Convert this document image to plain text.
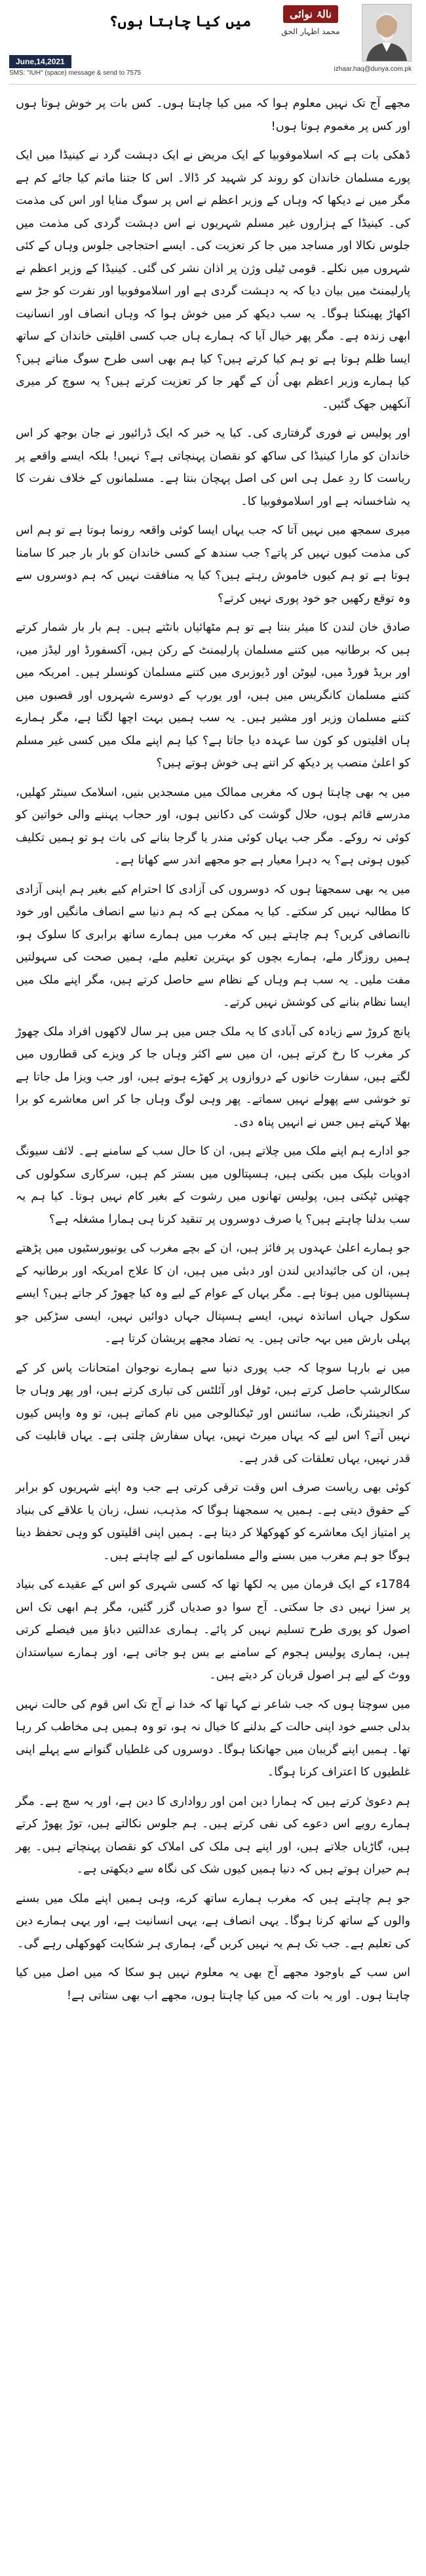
نالۂ نوائی
محمد اظہار الحق
میں کیا چاہتا ہوں؟
izhaar.haq@dunya.com.pk
June,14,2021
SMS: "IUH" (space) message & send to 7575

مجھے آج تک نہیں معلوم ہوا کہ میں کیا چاہتا ہوں۔ کس بات پر خوش ہوتا ہوں اور کس پر مغموم ہوتا ہوں!

ڈھکی بات ہے کہ اسلاموفوبیا کے ایک مریض نے ایک دہشت گرد نے کینیڈا میں ایک پورے مسلمان خاندان کو روند کر شہید کر ڈالا۔ اس کا جتنا ماتم کیا جائے کم ہے مگر میں نے دیکھا کہ وہاں کے وزیر اعظم نے اس پر سوگ منایا اور اس کی مذمت کی۔ کینیڈا کے ہزاروں غیر مسلم شہریوں نے اس دہشت گردی کی مذمت میں جلوس نکالا اور مساجد میں جا کر تعزیت کی۔ ایسے احتجاجی جلوس وہاں کے کئی شہروں میں نکلے۔ قومی ٹیلی وژن پر اذان نشر کی گئی۔ کینیڈا کے وزیر اعظم نے پارلیمنٹ میں بیان دیا کہ یہ دہشت گردی ہے اور اسلاموفوبیا اور نفرت کو جڑ سے اکھاڑ پھینکنا ہوگا۔ یہ سب دیکھ کر میں خوش ہوا کہ وہاں انصاف اور انسانیت ابھی زندہ ہے۔ مگر پھر خیال آیا کہ ہمارے ہاں جب کسی اقلیتی خاندان کے ساتھ ایسا ظلم ہوتا ہے تو ہم کیا کرتے ہیں؟ کیا ہم بھی اسی طرح سوگ مناتے ہیں؟ کیا ہمارے وزیر اعظم بھی اُن کے گھر جا کر تعزیت کرتے ہیں؟ یہ سوچ کر میری آنکھیں جھک گئیں۔

اور پولیس نے فوری گرفتاری کی۔ کیا یہ خبر کہ ایک ڈرائیور نے جان بوجھ کر اس خاندان کو مارا کینیڈا کی ساکھ کو نقصان پہنچاتی ہے؟ نہیں! بلکہ ایسے واقعے پر ریاست کا ردِ عمل ہی اس کی اصل پہچان بنتا ہے۔ مسلمانوں کے خلاف نفرت کا یہ شاخسانہ ہے اور اسلاموفوبیا کا۔

میری سمجھ میں نہیں آتا کہ جب یہاں ایسا کوئی واقعہ رونما ہوتا ہے تو ہم اس کی مذمت کیوں نہیں کر پاتے؟ جب سندھ کے کسی خاندان کو بار بار جبر کا سامنا ہوتا ہے تو ہم کیوں خاموش رہتے ہیں؟ کیا یہ منافقت نہیں کہ ہم دوسروں سے وہ توقع رکھیں جو خود پوری نہیں کرتے؟

صادق خان لندن کا میئر بنتا ہے تو ہم مٹھائیاں بانٹتے ہیں۔ ہم بار بار شمار کرتے ہیں کہ برطانیہ میں کتنے مسلمان پارلیمنٹ کے رکن ہیں، آکسفورڈ اور لیڈز میں، اور بریڈ فورڈ میں، لیوٹن اور ڈیوزبری میں کتنے مسلمان کونسلر ہیں۔ امریکہ میں کتنے مسلمان کانگریس میں ہیں، اور یورپ کے دوسرے شہروں اور قصبوں میں کتنے مسلمان وزیر اور مشیر ہیں۔ یہ سب ہمیں بہت اچھا لگتا ہے، مگر ہمارے ہاں اقلیتوں کو کون سا عہدہ دیا جاتا ہے؟ کیا ہم اپنے ملک میں کسی غیر مسلم کو اعلیٰ منصب پر دیکھ کر اتنے ہی خوش ہوتے ہیں؟

میں یہ بھی چاہتا ہوں کہ مغربی ممالک میں مسجدیں بنیں، اسلامک سینٹر کھلیں، مدرسے قائم ہوں، حلال گوشت کی دکانیں ہوں، اور حجاب پہننے والی خواتین کو کوئی نہ روکے۔ مگر جب یہاں کوئی مندر یا گرجا بنانے کی بات ہو تو ہمیں تکلیف کیوں ہوتی ہے؟ یہ دہرا معیار ہے جو مجھے اندر سے کھاتا ہے۔

میں یہ بھی سمجھتا ہوں کہ دوسروں کی آزادی کا احترام کیے بغیر ہم اپنی آزادی کا مطالبہ نہیں کر سکتے۔ کیا یہ ممکن ہے کہ ہم دنیا سے انصاف مانگیں اور خود ناانصافی کریں؟ ہم چاہتے ہیں کہ مغرب میں ہمارے ساتھ برابری کا سلوک ہو، ہمیں روزگار ملے، ہمارے بچوں کو بہترین تعلیم ملے، ہمیں صحت کی سہولتیں مفت ملیں۔ یہ سب ہم وہاں کے نظام سے حاصل کرتے ہیں، مگر اپنے ملک میں ایسا نظام بنانے کی کوشش نہیں کرتے۔

پانچ کروڑ سے زیادہ کی آبادی کا یہ ملک جس میں ہر سال لاکھوں افراد ملک چھوڑ کر مغرب کا رخ کرتے ہیں، ان میں سے اکثر وہاں جا کر ویزے کی قطاروں میں لگتے ہیں، سفارت خانوں کے دروازوں پر کھڑے ہوتے ہیں، اور جب ویزا مل جاتا ہے تو خوشی سے پھولے نہیں سماتے۔ پھر وہی لوگ وہاں جا کر اس معاشرے کو برا بھلا کہتے ہیں جس نے انہیں پناہ دی۔

جو ادارے ہم اپنے ملک میں چلاتے ہیں، ان کا حال سب کے سامنے ہے۔ لائف سیونگ ادویات بلیک میں بکتی ہیں، ہسپتالوں میں بستر کم ہیں، سرکاری سکولوں کی چھتیں ٹپکتی ہیں، پولیس تھانوں میں رشوت کے بغیر کام نہیں ہوتا۔ کیا ہم یہ سب بدلنا چاہتے ہیں؟ یا صرف دوسروں پر تنقید کرنا ہی ہمارا مشغلہ ہے؟

جو ہمارے اعلیٰ عہدوں پر فائز ہیں، ان کے بچے مغرب کی یونیورسٹیوں میں پڑھتے ہیں، ان کی جائیدادیں لندن اور دبئی میں ہیں، ان کا علاج امریکہ اور برطانیہ کے ہسپتالوں میں ہوتا ہے۔ مگر یہاں کے عوام کے لیے وہ کیا چھوڑ کر جاتے ہیں؟ ایسے سکول جہاں اساتذہ نہیں، ایسے ہسپتال جہاں دوائیں نہیں، ایسی سڑکیں جو پہلی بارش میں بہہ جاتی ہیں۔ یہ تضاد مجھے پریشان کرتا ہے۔

میں نے بارہا سوچا کہ جب پوری دنیا سے ہمارے نوجوان امتحانات پاس کر کے سکالرشپ حاصل کرتے ہیں، ٹوفل اور آئلٹس کی تیاری کرتے ہیں، اور پھر وہاں جا کر انجینئرنگ، طب، سائنس اور ٹیکنالوجی میں نام کماتے ہیں، تو وہ واپس کیوں نہیں آتے؟ اس لیے کہ یہاں میرٹ نہیں، یہاں سفارش چلتی ہے۔ یہاں قابلیت کی قدر نہیں، یہاں تعلقات کی قدر ہے۔

کوئی بھی ریاست صرف اس وقت ترقی کرتی ہے جب وہ اپنے شہریوں کو برابر کے حقوق دیتی ہے۔ ہمیں یہ سمجھنا ہوگا کہ مذہب، نسل، زبان یا علاقے کی بنیاد پر امتیاز ایک معاشرے کو کھوکھلا کر دیتا ہے۔ ہمیں اپنی اقلیتوں کو وہی تحفظ دینا ہوگا جو ہم مغرب میں بسنے والے مسلمانوں کے لیے چاہتے ہیں۔

1784ء کے ایک فرمان میں یہ لکھا تھا کہ کسی شہری کو اس کے عقیدے کی بنیاد پر سزا نہیں دی جا سکتی۔ آج سوا دو صدیاں گزر گئیں، مگر ہم ابھی تک اس اصول کو پوری طرح تسلیم نہیں کر پائے۔ ہماری عدالتیں دباؤ میں فیصلے کرتی ہیں، ہماری پولیس ہجوم کے سامنے بے بس ہو جاتی ہے، اور ہمارے سیاستدان ووٹ کے لیے ہر اصول قربان کر دیتے ہیں۔

میں سوچتا ہوں کہ جب شاعر نے کہا تھا کہ خدا نے آج تک اس قوم کی حالت نہیں بدلی جسے خود اپنی حالت کے بدلنے کا خیال نہ ہو، تو وہ ہمیں ہی مخاطب کر رہا تھا۔ ہمیں اپنے گریبان میں جھانکنا ہوگا۔ دوسروں کی غلطیاں گنوانے سے پہلے اپنی غلطیوں کا اعتراف کرنا ہوگا۔

ہم دعویٰ کرتے ہیں کہ ہمارا دین امن اور رواداری کا دین ہے، اور یہ سچ ہے۔ مگر ہمارے رویے اس دعوے کی نفی کرتے ہیں۔ ہم جلوس نکالتے ہیں، توڑ پھوڑ کرتے ہیں، گاڑیاں جلاتے ہیں، اور اپنے ہی ملک کی املاک کو نقصان پہنچاتے ہیں۔ پھر ہم حیران ہوتے ہیں کہ دنیا ہمیں کیوں شک کی نگاہ سے دیکھتی ہے۔

جو ہم چاہتے ہیں کہ مغرب ہمارے ساتھ کرے، وہی ہمیں اپنے ملک میں بسنے والوں کے ساتھ کرنا ہوگا۔ یہی انصاف ہے، یہی انسانیت ہے، اور یہی ہمارے دین کی تعلیم ہے۔ جب تک ہم یہ نہیں کریں گے، ہماری ہر شکایت کھوکھلی رہے گی۔

اس سب کے باوجود مجھے آج بھی یہ معلوم نہیں ہو سکا کہ میں اصل میں کیا چاہتا ہوں۔ اور یہ بات کہ میں کیا چاہتا ہوں، مجھے اب بھی ستاتی ہے!
